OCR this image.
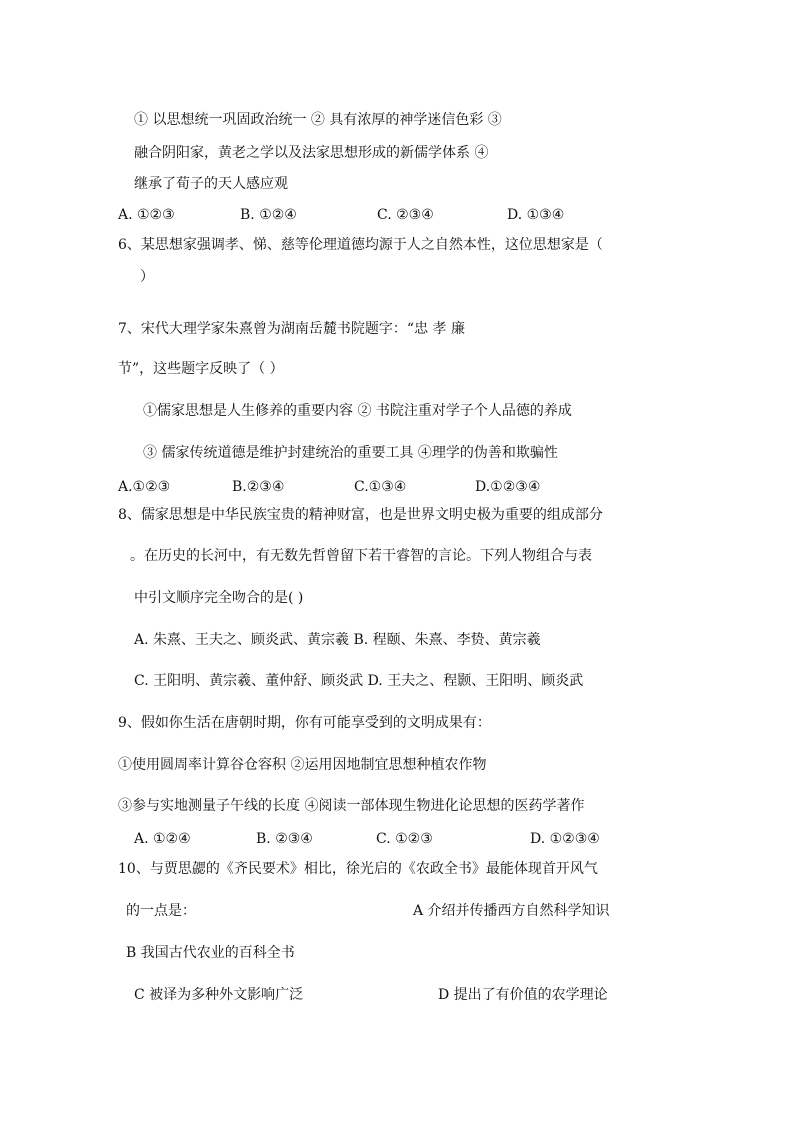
① 以思想统一巩固政治统一 ② 具有浓厚的神学迷信色彩 ③
融合阴阳家，黄老之学以及法家思想形成的新儒学体系 ④
继承了荀子的天人感应观
A. ①②③	B. ①②④	C. ②③④	D. ①③④
6、某思想家强调孝、悌、慈等伦理道德均源于人之自然本性，这位思想家是（
）
7、宋代大理学家朱熹曾为湖南岳麓书院题字：“忠 孝 廉
节”，这些题字反映了（ ）
①儒家思想是人生修养的重要内容 ② 书院注重对学子个人品德的养成
③ 儒家传统道德是维护封建统治的重要工具 ④理学的伪善和欺骗性
A.①②③	B.②③④	C.①③④	D.①②③④
8、儒家思想是中华民族宝贵的精神财富，也是世界文明史极为重要的组成部分
。在历史的长河中，有无数先哲曾留下若干睿智的言论。下列人物组合与表
中引文顺序完全吻合的是( )
A. 朱熹、王夫之、顾炎武、黄宗羲 B. 程颐、朱熹、李贽、黄宗羲
C. 王阳明、黄宗羲、董仲舒、顾炎武 D. 王夫之、程颢、王阳明、顾炎武
9、假如你生活在唐朝时期，你有可能享受到的文明成果有：
①使用圆周率计算谷仓容积 ②运用因地制宜思想种植农作物
③参与实地测量子午线的长度 ④阅读一部体现生物进化论思想的医药学著作
A. ①②④	B. ②③④	C. ①②③	D. ①②③④
10、与贾思勰的《齐民要术》相比，徐光启的《农政全书》最能体现首开风气
的一点是：	A 介绍并传播西方自然科学知识
B 我国古代农业的百科全书
C 被译为多种外文影响广泛	D 提出了有价值的农学理论
